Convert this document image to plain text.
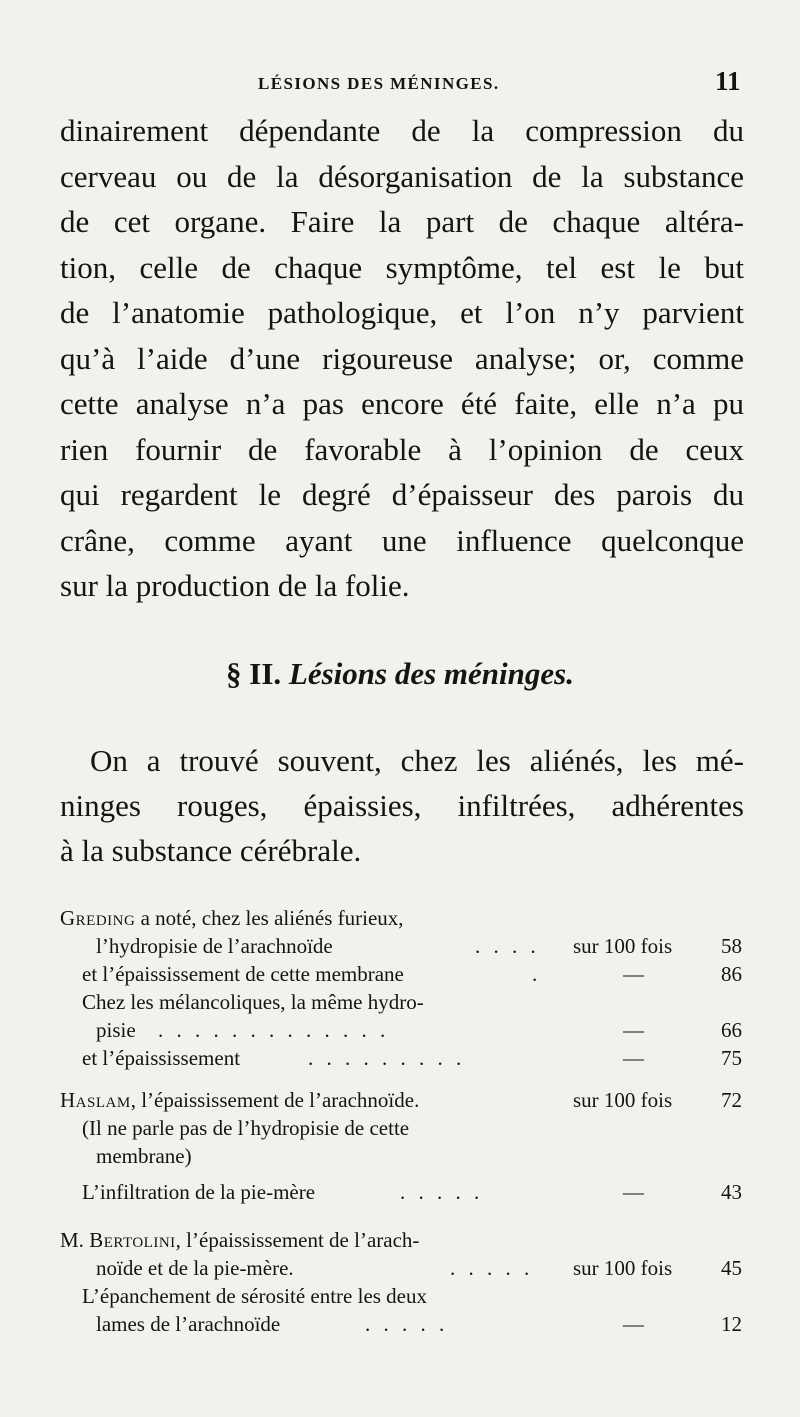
LÉSIONS DES MÉNINGES.	11
dinairement dépendante de la compression du
cerveau ou de la désorganisation de la substance
de cet organe. Faire la part de chaque altéra-
tion, celle de chaque symptôme, tel est le but
de l’anatomie pathologique, et l’on n’y parvient
qu’à l’aide d’une rigoureuse analyse; or, comme
cette analyse n’a pas encore été faite, elle n’a pu
rien fournir de favorable à l’opinion de ceux
qui regardent le degré d’épaisseur des parois du
crâne, comme ayant une influence quelconque
sur la production de la folie.
§ II. Lésions des méninges.
On a trouvé souvent, chez les aliénés, les mé-
ninges rouges, épaissies, infiltrées, adhérentes
à la substance cérébrale.
Greding a noté, chez les aliénés furieux,
l’hydropisie de l’arachnoïde	. . . . sur 100 fois 58
et l’épaississement de cette membrane	.	—	86
Chez les mélancoliques, la même hydro-
pisie . . . . . . . . . . . . .	—	66
et l’épaississement	. . . . . . . . .	—	75
Haslam, l’épaississement de l’arachnoïde.	sur 100 fois 72
(Il ne parle pas de l’hydropisie de cette
membrane)
L’infiltration de la pie-mère	. . . . .	—	43
M. Bertolini, l’épaississement de l’arach-
noïde et de la pie-mère.	. . . . . sur 100 fois 45
L’épanchement de sérosité entre les deux
lames de l’arachnoïde	. . . . .	—	12
